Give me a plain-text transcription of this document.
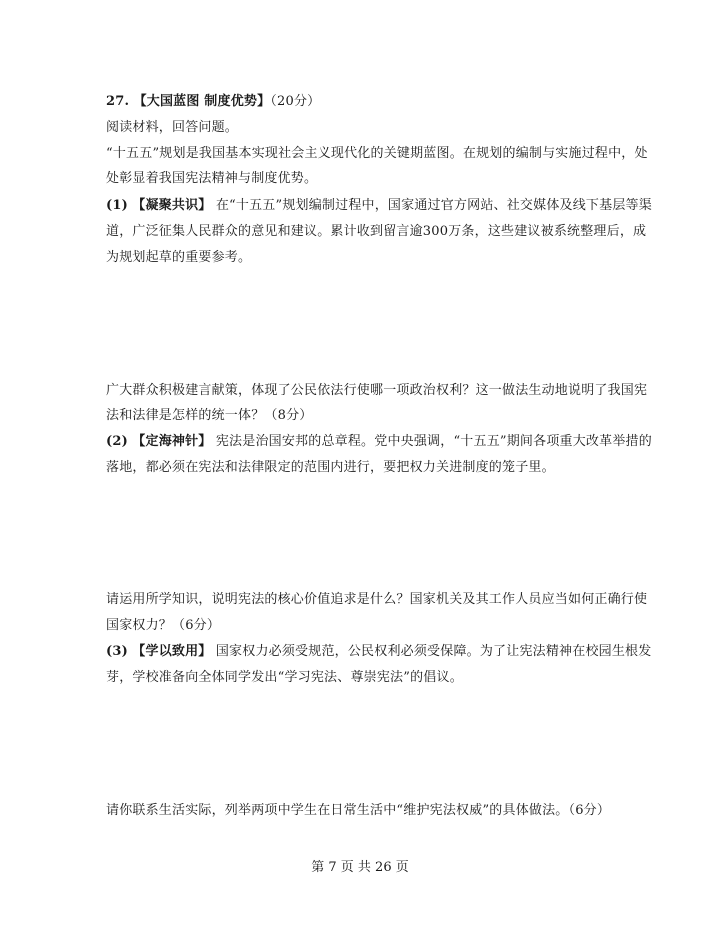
27. 【大国蓝图 制度优势】（20分）
阅读材料，回答问题。
“十五五”规划是我国基本实现社会主义现代化的关键期蓝图。在规划的编制与实施过程中，处
处彰显着我国宪法精神与制度优势。
(1) 【凝聚共识】 在“十五五”规划编制过程中，国家通过官方网站、社交媒体及线下基层等渠
道，广泛征集人民群众的意见和建议。累计收到留言逾300万条，这些建议被系统整理后，成
为规划起草的重要参考。
广大群众积极建言献策，体现了公民依法行使哪一项政治权利？这一做法生动地说明了我国宪
法和法律是怎样的统一体？（8分）
(2) 【定海神针】 宪法是治国安邦的总章程。党中央强调，“十五五”期间各项重大改革举措的
落地，都必须在宪法和法律限定的范围内进行，要把权力关进制度的笼子里。
请运用所学知识，说明宪法的核心价值追求是什么？国家机关及其工作人员应当如何正确行使
国家权力？（6分）
(3) 【学以致用】 国家权力必须受规范，公民权利必须受保障。为了让宪法精神在校园生根发
芽，学校准备向全体同学发出“学习宪法、尊崇宪法”的倡议。
请你联系生活实际，列举两项中学生在日常生活中“维护宪法权威”的具体做法。（6分）
第 7 页 共 26 页
